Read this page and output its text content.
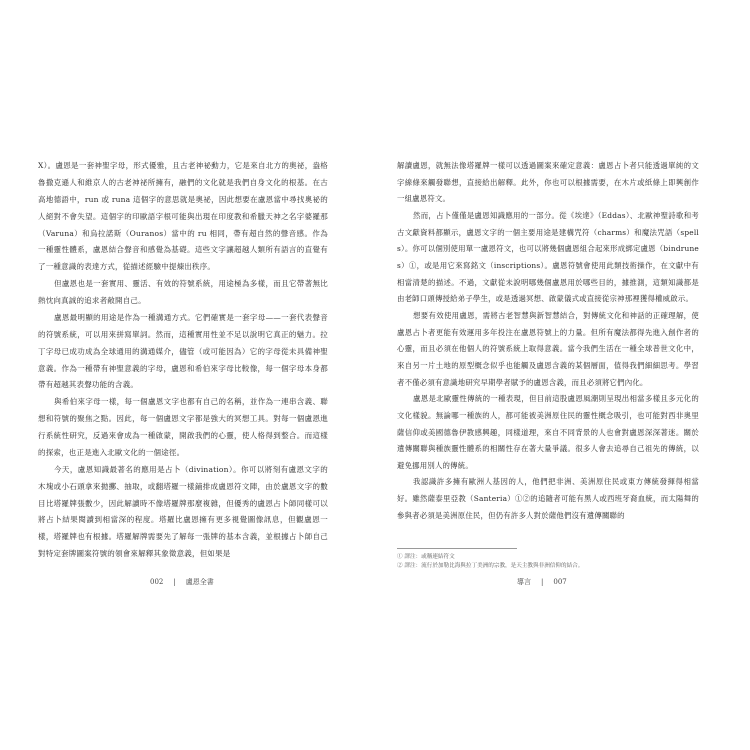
X）。盧恩是一套神聖字母，形式優雅，且古老神祕動力，它是來自北方的奧祕，盎格魯撒克遜人和維京人的古老神祕所擁有，融們的文化就是我們自身文化的根基。在古高地德語中，run 或 runa 這個字的意思就是奧祕，因此想要在盧恩當中尋找奧祕的人絕對不會失望。這個字的印歐語字根可能與出現在印度教和希臘天神之名字婆羅那（Varuna）和烏拉諾斯（Ouranos）當中的 ru 相同，帶有超自然的聲音感。作為一種靈性體系，盧恩結合聲音和感覺為基礎。這些文字讓超越人類所有語言的直覺有了一種意識的表達方式，從描述經驗中提煉出秩序。

但盧恩也是一套實用、靈活、有效的符號系統，用途極為多樣，而且它帶著無比熱忱向真誠的追求者敞開自己。

盧恩最明顯的用途是作為一種溝通方式。它們確實是一套字母——一套代表聲音的符號系統，可以用來拼寫單詞。然而，這種實用性並不足以說明它真正的魅力。拉丁字母已成功成為全球通用的溝通媒介，儘管（或可能因為）它的字母從未具備神聖意義。作為一種帶有神聖意義的字母，盧恩和希伯來字母比較像，每一個字母本身都帶有超越其表聲功能的含義。

與希伯來字母一樣，每一個盧恩文字也都有自己的名稱，並作為一連串含義、聯想和符號的聚焦之點。因此，每一個盧恩文字都是強大的冥想工具。對每一個盧恩進行系統性研究，反過來會成為一種啟蒙，開啟我們的心靈，使人格得到整合。而這樣的探索，也正是進入北歐文化的一個途徑。

今天，盧恩知識最著名的應用是占卜（divination）。你可以將刻有盧恩文字的木塊或小石頭拿來拋擲、抽取，或翻塔羅一樣鋪排成盧恩符文陣，由於盧恩文字的數目比塔羅牌張數少，因此解讀時不像塔羅牌那麼複雜，但優秀的盧恩占卜師同樣可以將占卜結果閱讀到相當深的程度。塔羅比盧恩擁有更多視覺圖像訊息，但觀盧恩一樣，塔羅牌也有根據。塔羅解牌需要先了解每一張牌的基本含義，並根據占卜師自己對特定套牌圖案符號的領會來解釋其象徵意義，但如果是

002 | 盧恩全書

解讀盧恩，就無法像塔羅牌一樣可以透過圖案來確定意義：盧恩占卜者只能透過單純的文字線條來觸發聯想，直接給出解釋。此外，你也可以根據需要，在木片或紙條上即興創作一組盧恩符文。

然而，占卜僅僅是盧恩知識應用的一部分。從《埃達》（Eddas）、北歐神聖詩歌和考古文獻資料都顯示，盧恩文字的一個主要用途是建構咒符（charms）和魔法咒語（spells）。你可以個別使用單一盧恩符文，也可以將幾個盧恩組合起來形成綁定盧恩（bindrunes）①，或是用它來寫銘文（inscriptions）。盧恩符號會使用此類技術操作，在文獻中有相當清楚的描述。不過，文獻從未說明哪幾個盧恩用於哪些目的，據推測，這類知識都是由老師口頭傳授給弟子學生，或是透過冥想、啟蒙儀式或直接從宗神那裡獲得權威啟示。

想要有效使用盧恩，需將古老智慧與新智慧結合，對傳統文化和神話的正確理解，使盧恩占卜者更能有效運用多年投注在盧恩符號上的力量。但所有魔法都得先進入創作者的心靈，而且必須在他個人的符號系統上取得意義。當今我們生活在一種全球普世文化中，來自另一片土地的原型概念似乎也能觸及盧恩含義的某個層面，值得我們細細思考。學習者不僅必須有意識地研究早期學者賦予的盧恩含義，而且必須將它們內化。

盧恩是北歐靈性傳統的一種表現，但目前這股盧恩風潮則呈現出相當多樣且多元化的文化樣貌。無論哪一種族的人，都可能被美洲原住民的靈性概念吸引，也可能對西非奧里薩信仰或美國德魯伊教感興趣，同樣道理，來自不同背景的人也會對盧恩深深著迷。關於遺傳關聯與種族靈性體系的相關性存在著大量爭議。很多人會去追尋自己祖先的傳統，以避免挪用別人的傳統。

我認識許多擁有歐洲人基因的人，他們把非洲、美洲原住民或東方傳統發揮得相當好。雖然薩泰里亞教（Santeria）①②的追隨者可能有黑人或西班牙裔血統，而太陽舞的參與者必須是美洲原住民，但仍有許多人對於薩他們沒有遺傳關聯的

① 譯注：或稱連結符文

② 譯注：流行於加勒比海與拉丁美洲的宗教，是天主教與非洲信仰的結合。

導言 | 007
